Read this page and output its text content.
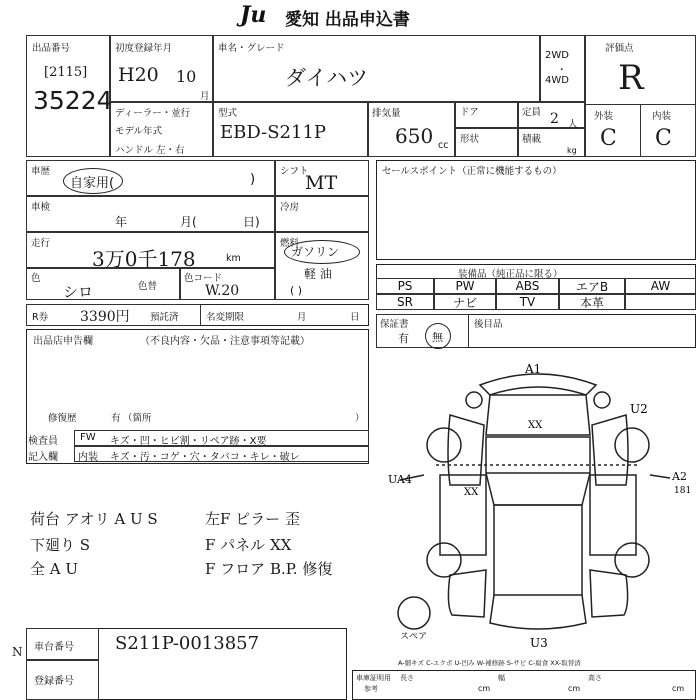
Ju 愛知 出品申込書
出品番号
[2115]
35224
初度登録年月
H20 10
月
車名・グレード
ダイハツ
2WD
・
4WD
評価点
R
外装	内装
C C
ディーラー・並行
モデル年式
ハンドル 左・右
型式
EBD-S211P
排気量
650 cc
ドア
形状
定員 2 人
積載
kg
車歴
自家用(	)
シフト
MT
車検
年	月(	日)
冷房
走行
3万0千178	km
燃料
ガソリン
軽 油
( )
色
シロ	色替
色コード
W.20
R券 3390円 預託済	名変期限	月	日
セールスポイント（正常に機能するもの）
装備品（純正品に限る）
PS	PW	ABS	エアB	AW
SR	ナビ	TV	本革
保証書
有 無
後目品
出品店申告欄	（不良内容・欠品・注意事項等記載）
修復歴	有 （箇所	）
検査員
記入欄
FW キズ・凹・ヒビ割・リペア跡・X要
内装 キズ・汚・コゲ・穴・タバコ・キレ・破レ
荷台 アオリ A U S
下廻り S
全 A U
左F ピラー 歪
F パネル XX
F フロア B.P. 修復
A1
U2
UA4	A2
181
XX
XX
スペア	U3
A-細キズ C-エクボ U-凹み W-補修跡 S-サビ C-腐食 XX-取替済
車台番号 S211P-0013857
登録番号
N
車庫証明用
参考
長さ
cm
幅
cm
高さ
cm
